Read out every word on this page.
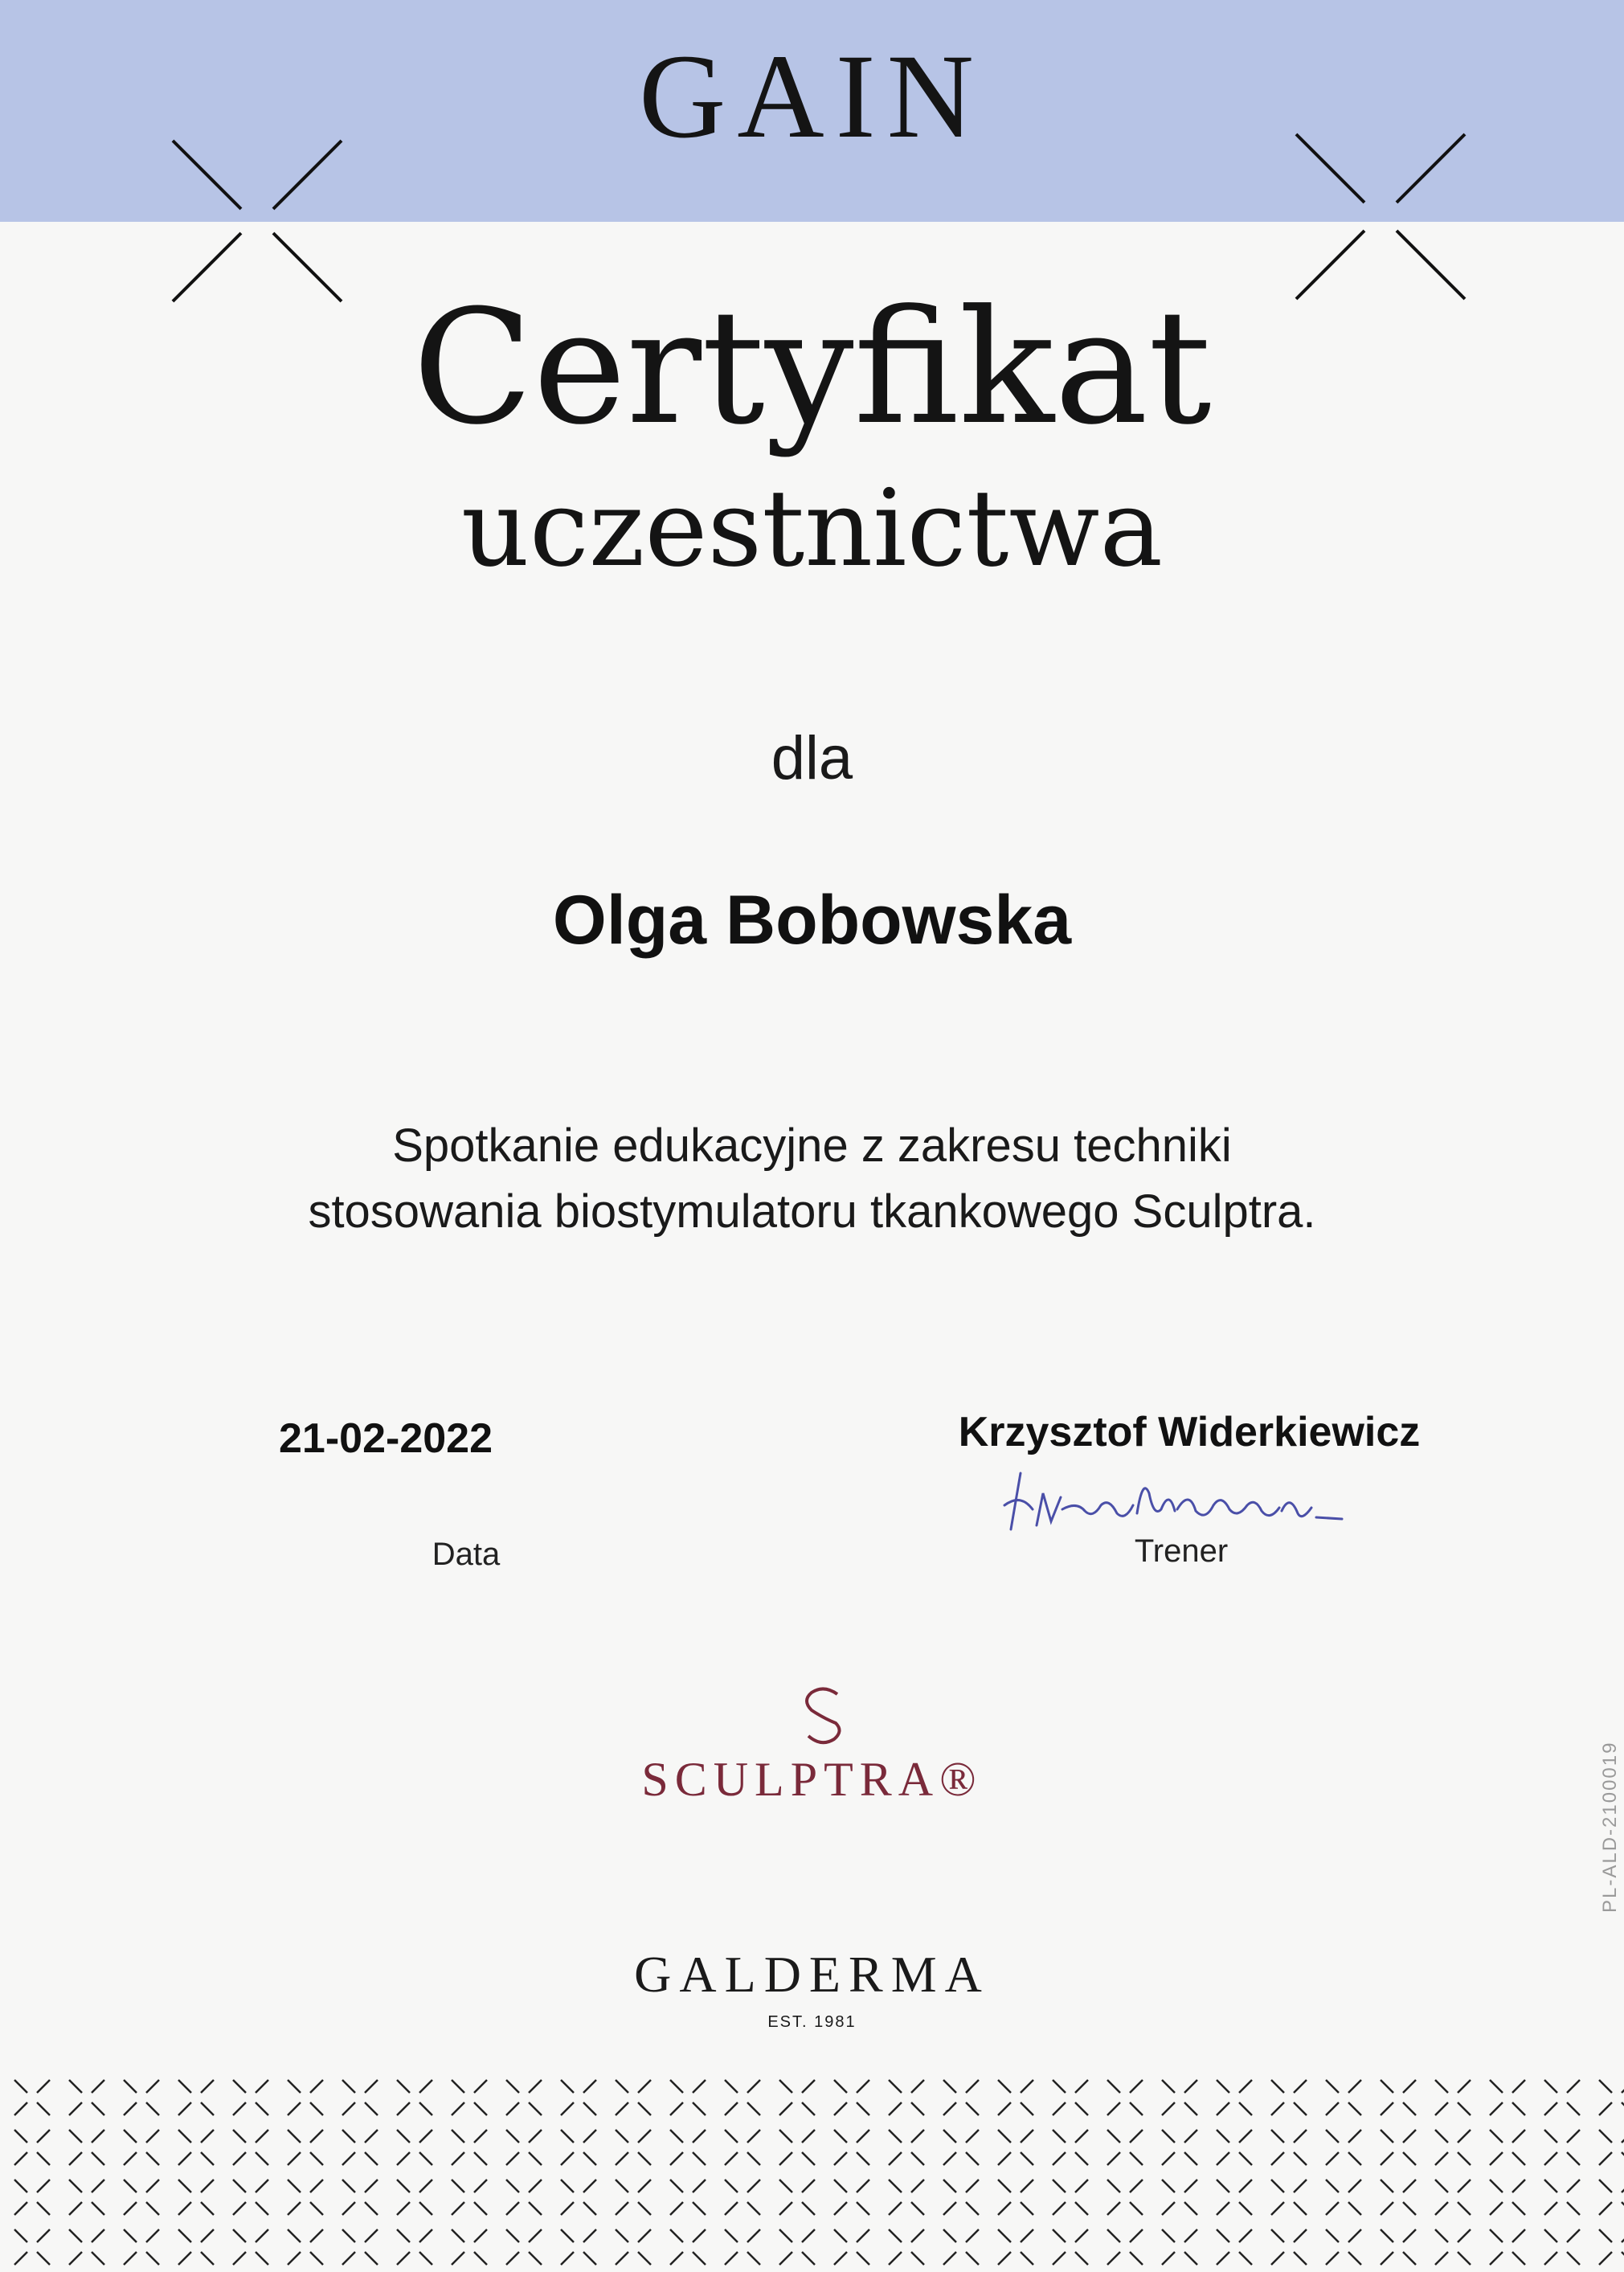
GAIN
Certyfikat
uczestnictwa
dla
Olga Bobowska
Spotkanie edukacyjne z zakresu techniki
stosowania biostymulatoru tkankowego Sculptra.
21-02-2022
Data
Krzysztof Widerkiewicz
Trener
SCULPTRA®
GALDERMA
EST. 1981
PL-ALD-2100019
